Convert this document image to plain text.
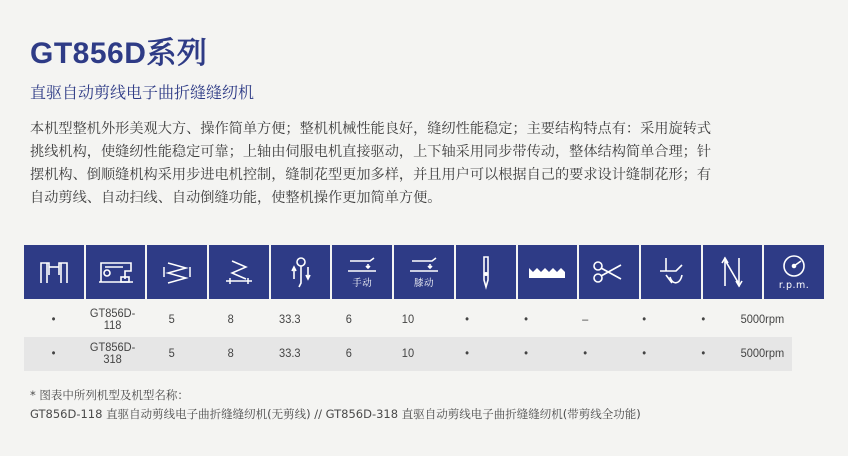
GT856D系列
直驱自动剪线电子曲折缝缝纫机

本机型整机外形美观大方、操作简单方便；整机机械性能良好，缝纫性能稳定；主要结构特点有：采用旋转式

挑线机构，使缝纫性能稳定可靠；上轴由伺服电机直接驱动，上下轴采用同步带传动，整体结构简单合理；针

摆机构、倒顺缝机构采用步进电机控制，缝制花型更加多样，并且用户可以根据自己的要求设计缝制花形；有

自动剪线、自动扫线、自动倒缝功能，使整机操作更加简单方便。

手动	膝动	r.p.m.
•	GT856D-118	5	8	33.3	6	10	•	•	–	•	•	5000rpm
•	GT856D-318	5	8	33.3	6	10	•	•	•	•	•	5000rpm

* 图表中所列机型及机型名称：

GT856D-118 直驱自动剪线电子曲折缝缝纫机(无剪线) // GT856D-318 直驱自动剪线电子曲折缝缝纫机(带剪线全功能)
